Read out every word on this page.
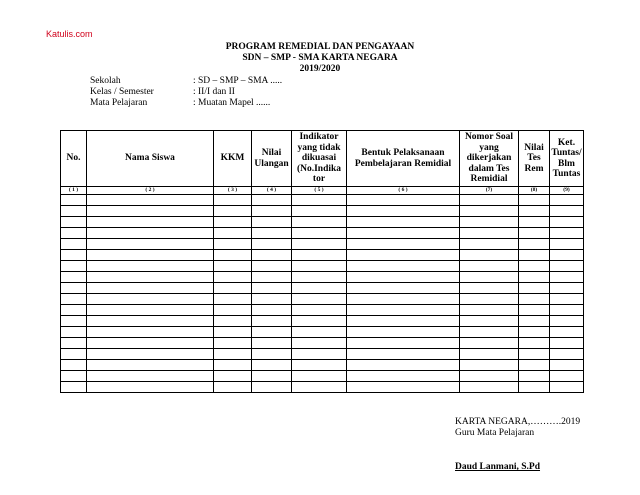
Katulis.com
PROGRAM REMEDIAL DAN PENGAYAAN
SDN – SMP - SMA KARTA NEGARA
2019/2020
Sekolah	: SD – SMP – SMA .....
Kelas / Semester	: II/I dan II
Mata Pelajaran	: Muatan Mapel ......
No.	Nama Siswa	KKM	Nilai Ulangan	Indikator yang tidak dikuasai (No.Indika tor	Bentuk Pelaksanaan Pembelajaran Remidial	Nomor Soal yang dikerjakan dalam Tes Remidial	Nilai Tes Rem	Ket. Tuntas/ Blm Tuntas
( 1 )	( 2 )	( 3 )	( 4 )	( 5 )	( 6 )	(7)	(8)	(9)

KARTA NEGARA,……….2019
Guru Mata Pelajaran
Daud Lanmani, S.Pd
